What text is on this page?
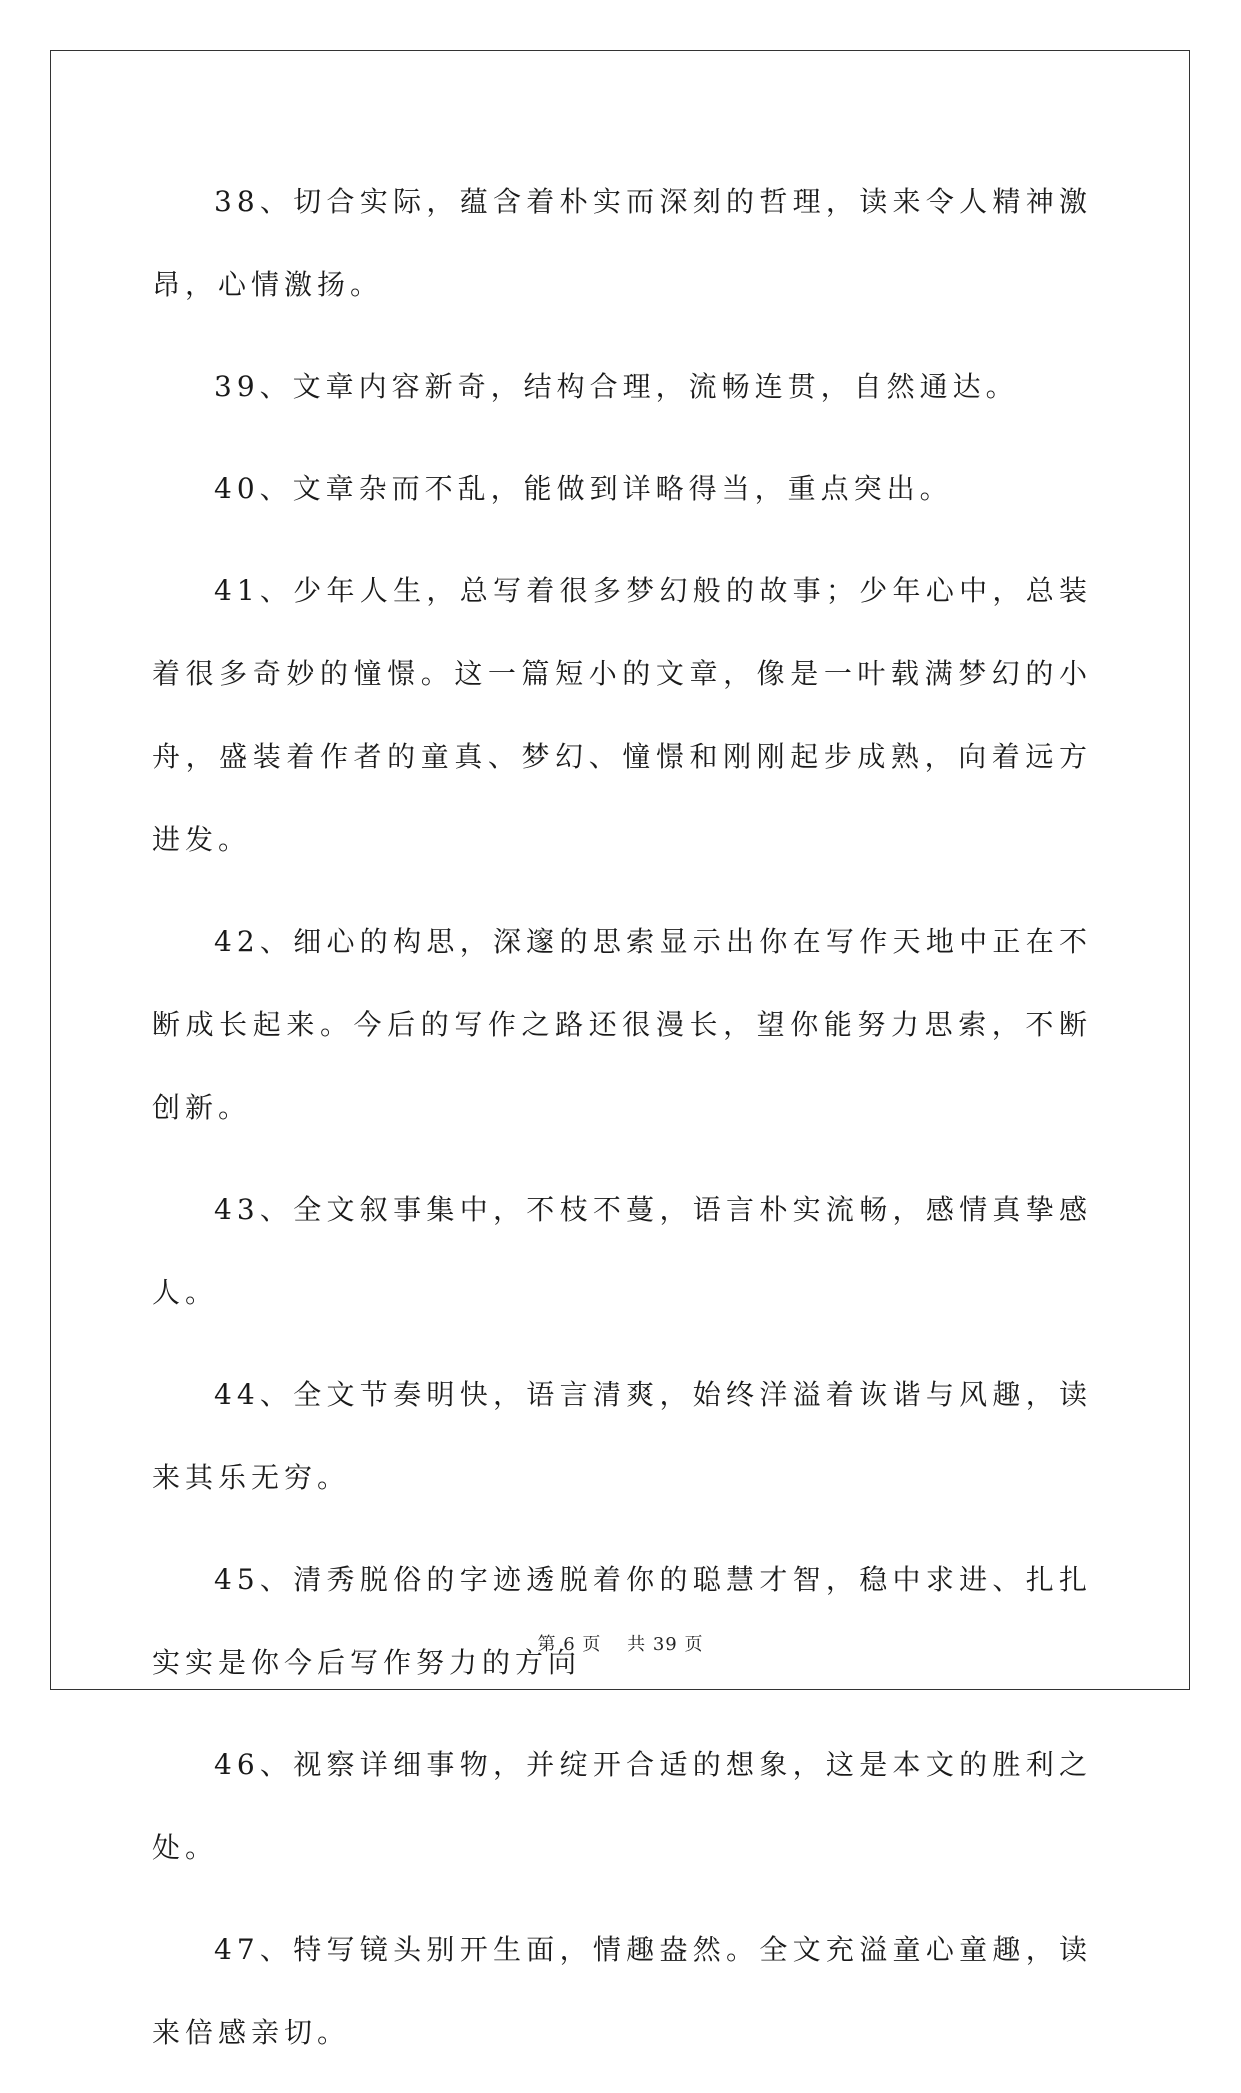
38、切合实际，蕴含着朴实而深刻的哲理，读来令人精神激昂，心情激扬。

39、文章内容新奇，结构合理，流畅连贯，自然通达。

40、文章杂而不乱，能做到详略得当，重点突出。

41、少年人生，总写着很多梦幻般的故事；少年心中，总装着很多奇妙的憧憬。这一篇短小的文章，像是一叶载满梦幻的小舟，盛装着作者的童真、梦幻、憧憬和刚刚起步成熟，向着远方进发。

42、细心的构思，深邃的思索显示出你在写作天地中正在不断成长起来。今后的写作之路还很漫长，望你能努力思索，不断创新。

43、全文叙事集中，不枝不蔓，语言朴实流畅，感情真挚感人。

44、全文节奏明快，语言清爽，始终洋溢着诙谐与风趣，读来其乐无穷。

45、清秀脱俗的字迹透脱着你的聪慧才智，稳中求进、扎扎实实是你今后写作努力的方向

46、视察详细事物，并绽开合适的想象，这是本文的胜利之处。

47、特写镜头别开生面，情趣盎然。全文充溢童心童趣，读来倍感亲切。

第 6 页　 共 39 页
